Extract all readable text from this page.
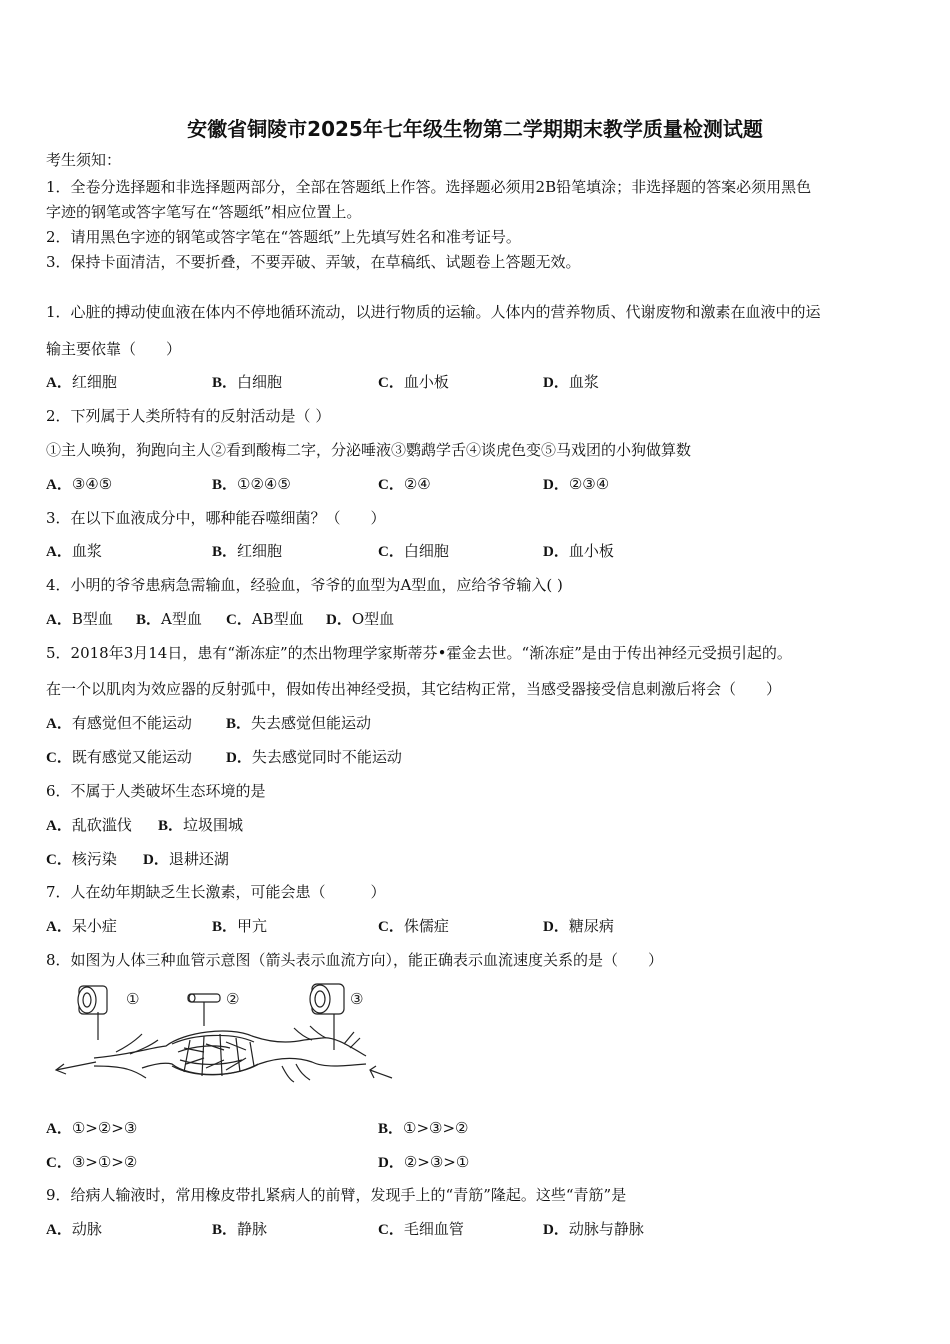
安徽省铜陵市2025年七年级生物第二学期期末教学质量检测试题
考生须知：
1．全卷分选择题和非选择题两部分，全部在答题纸上作答。选择题必须用2B铅笔填涂；非选择题的答案必须用黑色
字迹的钢笔或答字笔写在“答题纸”相应位置上。
2．请用黑色字迹的钢笔或答字笔在“答题纸”上先填写姓名和准考证号。
3．保持卡面清洁，不要折叠，不要弄破、弄皱，在草稿纸、试题卷上答题无效。
1．心脏的搏动使血液在体内不停地循环流动，以进行物质的运输。人体内的营养物质、代谢废物和激素在血液中的运
输主要依靠（　　）
A．红细胞	B．白细胞	C．血小板	D．血浆
2．下列属于人类所特有的反射活动是（ ）
①主人唤狗，狗跑向主人②看到酸梅二字，分泌唾液③鹦鹉学舌④谈虎色变⑤马戏团的小狗做算数
A．③④⑤	B．①②④⑤	C．②④	D．②③④
3．在以下血液成分中，哪种能吞噬细菌？（　　）
A．血浆	B．红细胞	C．白细胞	D．血小板
4．小明的爷爷患病急需输血，经验血，爷爷的血型为A型血，应给爷爷输入( )
A．B型血 B．A型血 C．AB型血 D．O型血
5．2018年3月14日，患有“渐冻症”的杰出物理学家斯蒂芬•霍金去世。“渐冻症”是由于传出神经元受损引起的。
在一个以肌肉为效应器的反射弧中，假如传出神经受损，其它结构正常，当感受器接受信息刺激后将会（　　）
A．有感觉但不能运动 B．失去感觉但能运动
C．既有感觉又能运动 D．失去感觉同时不能运动
6．不属于人类破坏生态环境的是
A．乱砍滥伐 B．垃圾围城
C．核污染 D．退耕还湖
7．人在幼年期缺乏生长激素，可能会患（　　　）
A．呆小症	B．甲亢	C．侏儒症	D．糖尿病
8．如图为人体三种血管示意图（箭头表示血流方向），能正确表示血流速度关系的是（　　）
①	②	③
A．①>②>③	B．①>③>②
C．③>①>②	D．②>③>①
9．给病人输液时，常用橡皮带扎紧病人的前臂，发现手上的“青筋”隆起。这些“青筋”是
A．动脉	B．静脉	C．毛细血管	D．动脉与静脉
